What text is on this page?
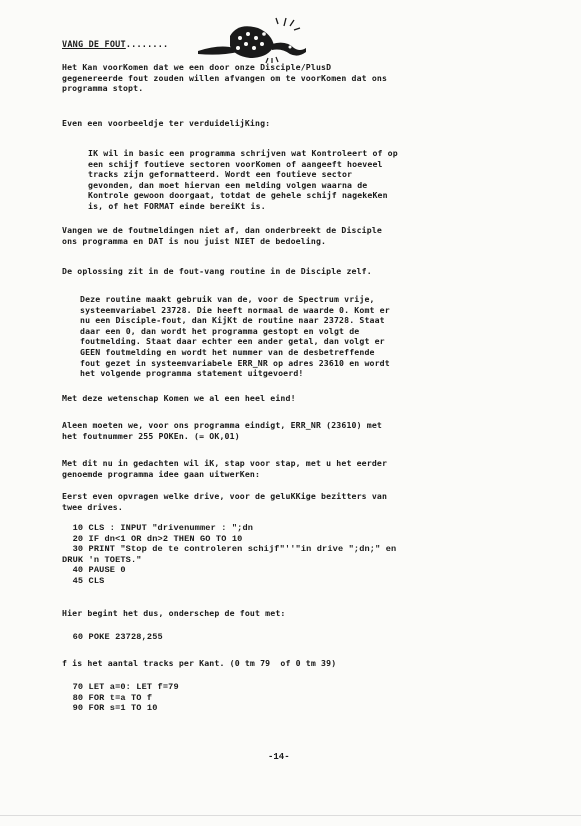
VANG DE FOUT........
Het Kan voorKomen dat we een door onze Disciple/PlusD
gegenereerde fout zouden willen afvangen om te voorKomen dat ons
programma stopt.
Even een voorbeeldje ter verduidelijKing:
IK wil in basic een programma schrijven wat Kontroleert of op
een schijf foutieve sectoren voorKomen of aangeeft hoeveel
tracks zijn geformatteerd. Wordt een foutieve sector
gevonden, dan moet hiervan een melding volgen waarna de
Kontrole gewoon doorgaat, totdat de gehele schijf nagekeKen
is, of het FORMAT einde bereiKt is.
Vangen we de foutmeldingen niet af, dan onderbreekt de Disciple
ons programma en DAT is nou juist NIET de bedoeling.
De oplossing zit in de fout-vang routine in de Disciple zelf.
Deze routine maakt gebruik van de, voor de Spectrum vrije,
systeemvariabel 23728. Die heeft normaal de waarde 0. Komt er
nu een Disciple-fout, dan KijKt de routine naar 23728. Staat
daar een 0, dan wordt het programma gestopt en volgt de
foutmelding. Staat daar echter een ander getal, dan volgt er
GEEN foutmelding en wordt het nummer van de desbetreffende
fout gezet in systeemvariabele ERR_NR op adres 23610 en wordt
het volgende programma statement uitgevoerd!
Met deze wetenschap Komen we al een heel eind!
Aleen moeten we, voor ons programma eindigt, ERR_NR (23610) met
het foutnummer 255 POKEn. (= OK,01)
Met dit nu in gedachten wil iK, stap voor stap, met u het eerder
genoemde programma idee gaan uitwerKen:
Eerst even opvragen welke drive, voor de geluKKige bezitters van
twee drives.
10 CLS : INPUT "drivenummer : ";dn
20 IF dn<1 OR dn>2 THEN GO TO 10
30 PRINT "Stop de te controleren schijf"''"in drive ";dn;" en
DRUK 'n TOETS."
40 PAUSE 0
45 CLS
Hier begint het dus, onderschep de fout met:
60 POKE 23728,255
f is het aantal tracks per Kant. (0 tm 79  of 0 tm 39)
70 LET a=0: LET f=79
80 FOR t=a TO f
90 FOR s=1 TO 10
-14-
